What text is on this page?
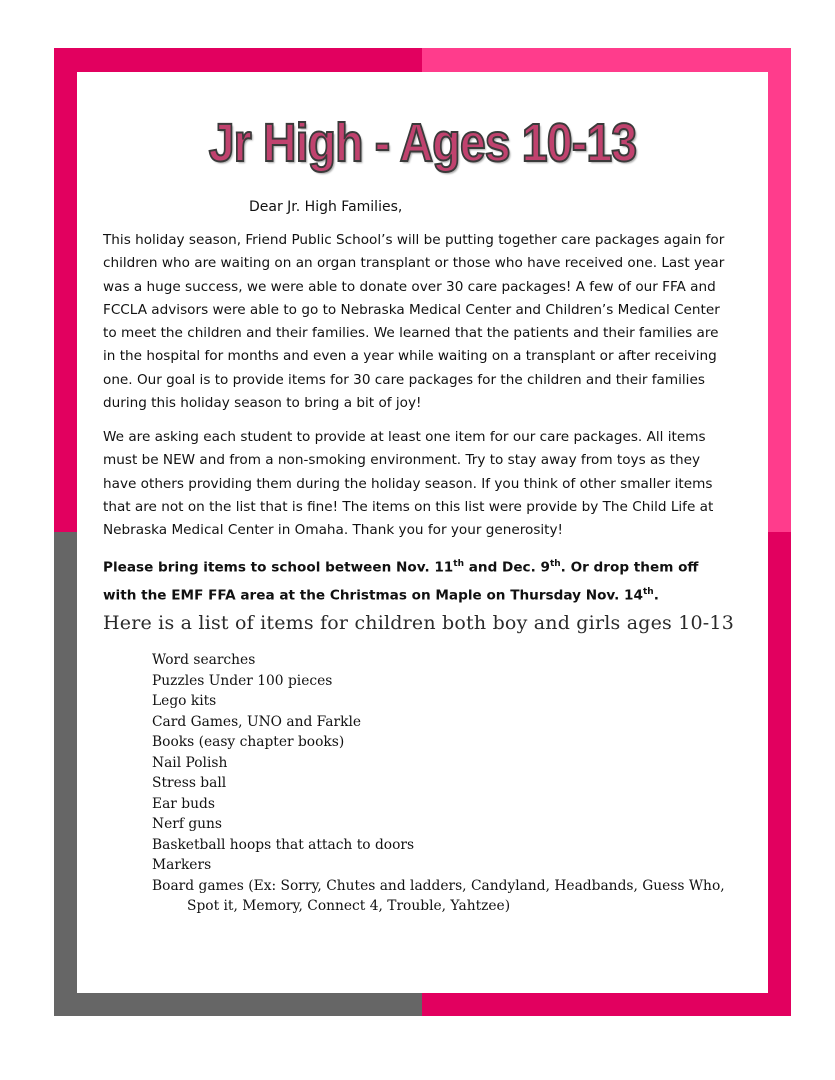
Jr High - Ages 10-13
Dear Jr. High Families,

This holiday season, Friend Public School’s will be putting together care packages again for children who are waiting on an organ transplant or those who have received one. Last year was a huge success, we were able to donate over 30 care packages! A few of our FFA and FCCLA advisors were able to go to Nebraska Medical Center and Children’s Medical Center to meet the children and their families. We learned that the patients and their families are in the hospital for months and even a year while waiting on a transplant or after receiving one. Our goal is to provide items for 30 care packages for the children and their families during this holiday season to bring a bit of joy!

We are asking each student to provide at least one item for our care packages. All items must be NEW and from a non-smoking environment. Try to stay away from toys as they have others providing them during the holiday season. If you think of other smaller items that are not on the list that is fine! The items on this list were provide by The Child Life at Nebraska Medical Center in Omaha. Thank you for your generosity!

Please bring items to school between Nov. 11th and Dec. 9th. Or drop them off with the EMF FFA area at the Christmas on Maple on Thursday Nov. 14th.

Here is a list of items for children both boy and girls ages 10-13
Word searches
Puzzles Under 100 pieces
Lego kits
Card Games, UNO and Farkle
Books (easy chapter books)
Nail Polish
Stress ball
Ear buds
Nerf guns
Basketball hoops that attach to doors
Markers
Board games (Ex: Sorry, Chutes and ladders, Candyland, Headbands, Guess Who, Spot it, Memory, Connect 4, Trouble, Yahtzee)
